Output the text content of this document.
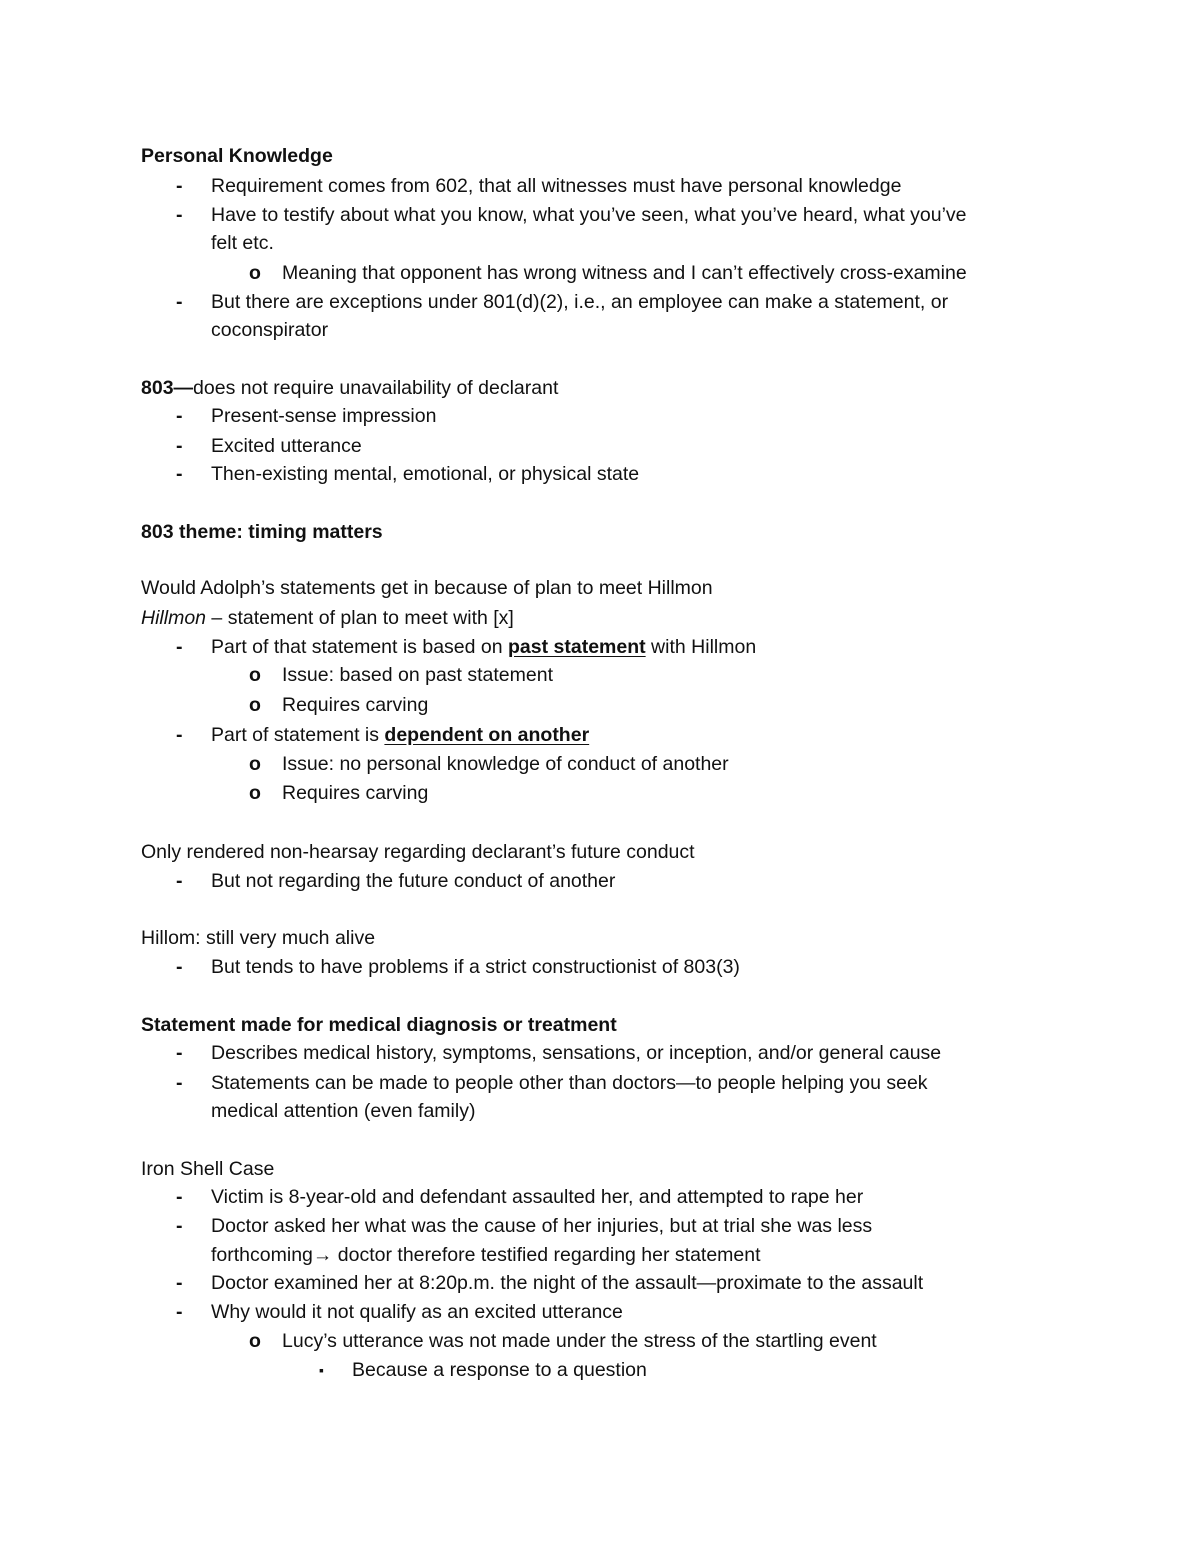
Personal Knowledge
- Requirement comes from 602, that all witnesses must have personal knowledge
- Have to testify about what you know, what you’ve seen, what you’ve heard, what you’ve
felt etc.
o Meaning that opponent has wrong witness and I can’t effectively cross-examine
- But there are exceptions under 801(d)(2), i.e., an employee can make a statement, or
coconspirator
803—does not require unavailability of declarant
- Present-sense impression
- Excited utterance
- Then-existing mental, emotional, or physical state
803 theme: timing matters
Would Adolph’s statements get in because of plan to meet Hillmon
Hillmon – statement of plan to meet with [x]
- Part of that statement is based on past statement with Hillmon
o Issue: based on past statement
o Requires carving
- Part of statement is dependent on another
o Issue: no personal knowledge of conduct of another
o Requires carving
Only rendered non-hearsay regarding declarant’s future conduct
- But not regarding the future conduct of another
Hillom: still very much alive
- But tends to have problems if a strict constructionist of 803(3)
Statement made for medical diagnosis or treatment
- Describes medical history, symptoms, sensations, or inception, and/or general cause
- Statements can be made to people other than doctors—to people helping you seek
medical attention (even family)
Iron Shell Case
- Victim is 8-year-old and defendant assaulted her, and attempted to rape her
- Doctor asked her what was the cause of her injuries, but at trial she was less
forthcoming→ doctor therefore testified regarding her statement
- Doctor examined her at 8:20p.m. the night of the assault—proximate to the assault
- Why would it not qualify as an excited utterance
o Lucy’s utterance was not made under the stress of the startling event
▪ Because a response to a question
